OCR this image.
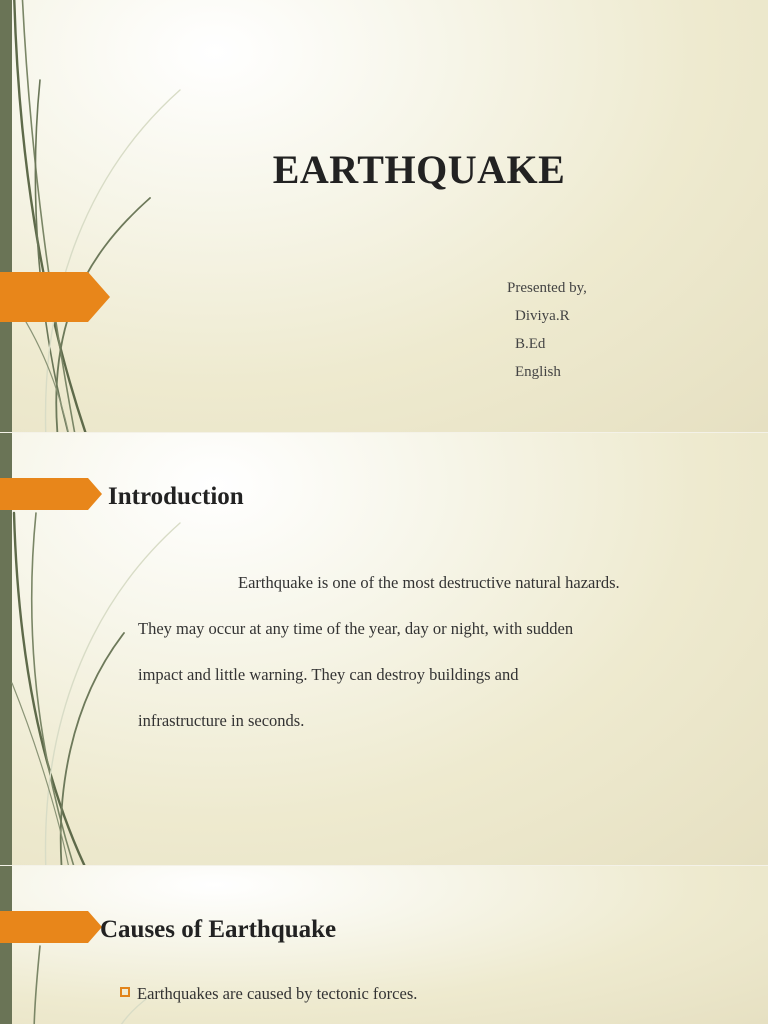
EARTHQUAKE
Presented by,
Diviya.R
B.Ed
English
Introduction

Earthquake is one of the most destructive natural hazards.
They may occur at any time of the year, day or night, with sudden
impact and little warning. They can destroy buildings and
infrastructure in seconds.

Causes of Earthquake
Earthquakes are caused by tectonic forces.
